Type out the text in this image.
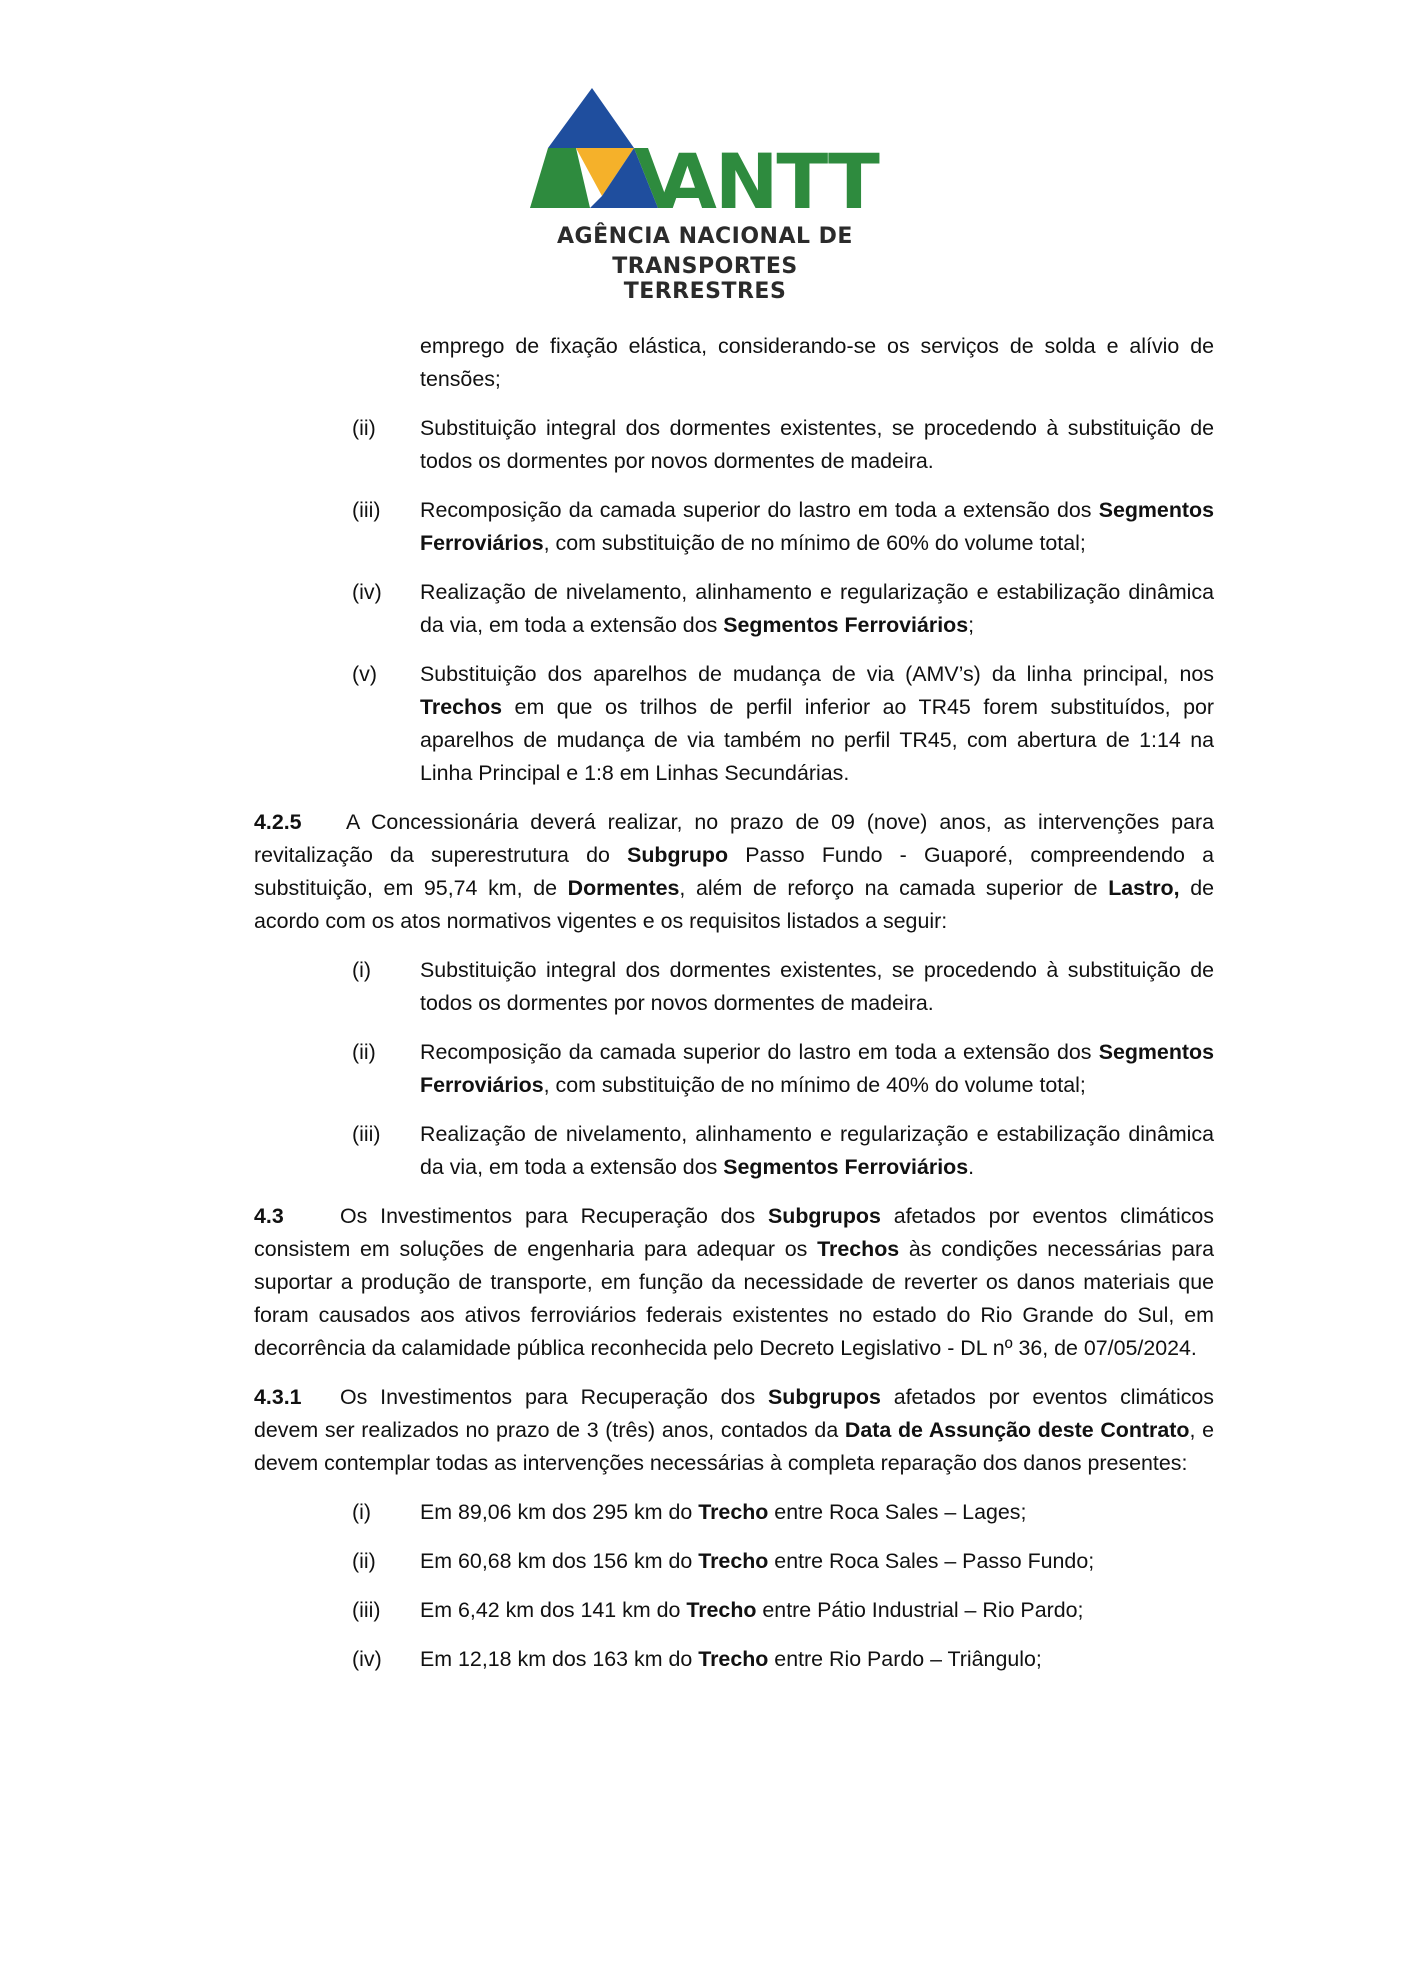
ANTT
AGÊNCIA NACIONAL DE
TRANSPORTES TERRESTRES
emprego de fixação elástica, considerando-se os serviços de solda e alívio de tensões;
(ii)	Substituição integral dos dormentes existentes, se procedendo à substituição de todos os dormentes por novos dormentes de madeira.
(iii)	Recomposição da camada superior do lastro em toda a extensão dos Segmentos Ferroviários, com substituição de no mínimo de 60% do volume total;
(iv)	Realização de nivelamento, alinhamento e regularização e estabilização dinâmica da via, em toda a extensão dos Segmentos Ferroviários;
(v)	Substituição dos aparelhos de mudança de via (AMV’s) da linha principal, nos Trechos em que os trilhos de perfil inferior ao TR45 forem substituídos, por aparelhos de mudança de via também no perfil TR45, com abertura de 1:14 na Linha Principal e 1:8 em Linhas Secundárias.
4.2.5 A Concessionária deverá realizar, no prazo de 09 (nove) anos, as intervenções para revitalização da superestrutura do Subgrupo Passo Fundo - Guaporé, compreendendo a substituição, em 95,74 km, de Dormentes, além de reforço na camada superior de Lastro, de acordo com os atos normativos vigentes e os requisitos listados a seguir:
(i)	Substituição integral dos dormentes existentes, se procedendo à substituição de todos os dormentes por novos dormentes de madeira.
(ii)	Recomposição da camada superior do lastro em toda a extensão dos Segmentos Ferroviários, com substituição de no mínimo de 40% do volume total;
(iii)	Realização de nivelamento, alinhamento e regularização e estabilização dinâmica da via, em toda a extensão dos Segmentos Ferroviários.
4.3	Os Investimentos para Recuperação dos Subgrupos afetados por eventos climáticos consistem em soluções de engenharia para adequar os Trechos às condições necessárias para suportar a produção de transporte, em função da necessidade de reverter os danos materiais que foram causados aos ativos ferroviários federais existentes no estado do Rio Grande do Sul, em decorrência da calamidade pública reconhecida pelo Decreto Legislativo - DL nº 36, de 07/05/2024.
4.3.1 Os Investimentos para Recuperação dos Subgrupos afetados por eventos climáticos devem ser realizados no prazo de 3 (três) anos, contados da Data de Assunção deste Contrato, e devem contemplar todas as intervenções necessárias à completa reparação dos danos presentes:
(i)	Em 89,06 km dos 295 km do Trecho entre Roca Sales – Lages;
(ii)	Em 60,68 km dos 156 km do Trecho entre Roca Sales – Passo Fundo;
(iii)	Em 6,42 km dos 141 km do Trecho entre Pátio Industrial – Rio Pardo;
(iv)	Em 12,18 km dos 163 km do Trecho entre Rio Pardo – Triângulo;
